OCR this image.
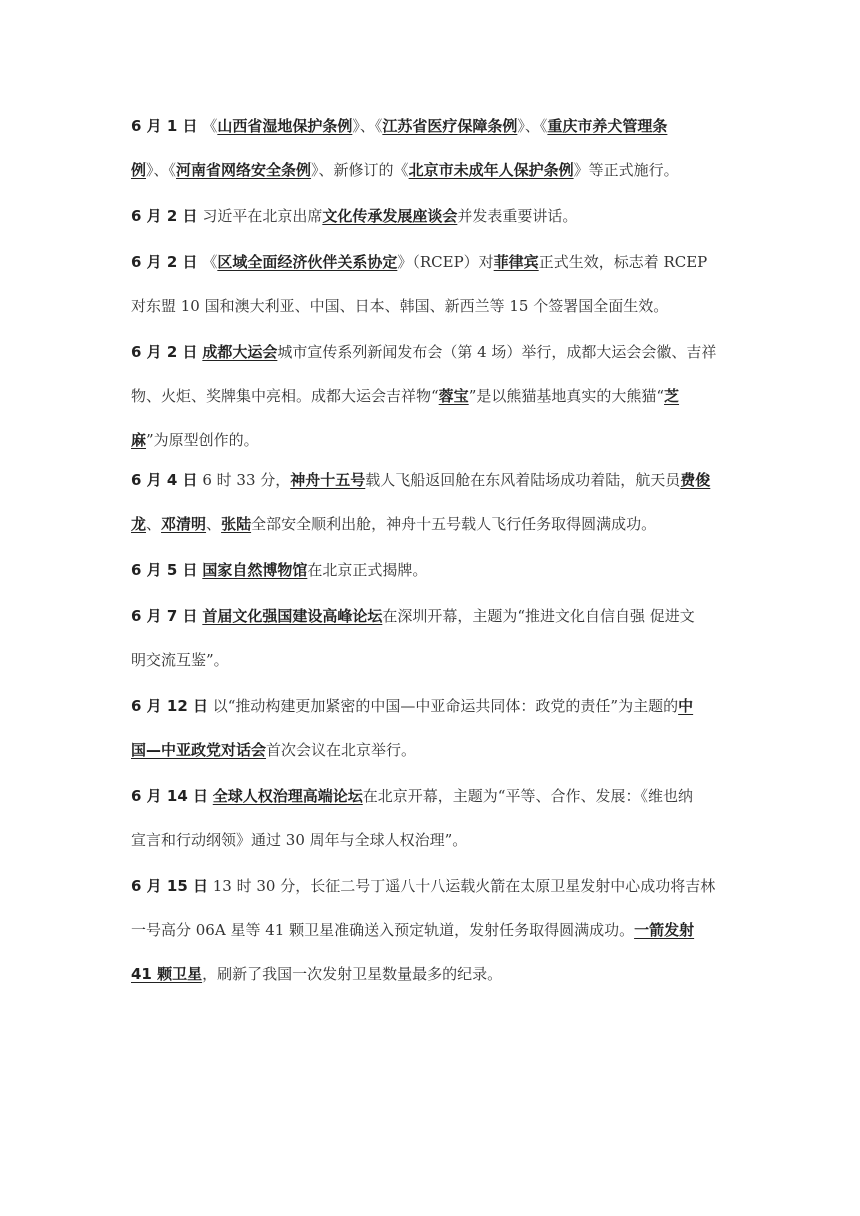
6 月 1 日 《山西省湿地保护条例》、《江苏省医疗保障条例》、《重庆市养犬管理条
例》、《河南省网络安全条例》、新修订的《北京市未成年人保护条例》等正式施行。
6 月 2 日 习近平在北京出席文化传承发展座谈会并发表重要讲话。
6 月 2 日 《区域全面经济伙伴关系协定》（RCEP）对菲律宾正式生效，标志着 RCEP
对东盟 10 国和澳大利亚、中国、日本、韩国、新西兰等 15 个签署国全面生效。
6 月 2 日 成都大运会城市宣传系列新闻发布会（第 4 场）举行，成都大运会会徽、吉祥
物、火炬、奖牌集中亮相。成都大运会吉祥物“蓉宝”是以熊猫基地真实的大熊猫“芝
麻”为原型创作的。
6 月 4 日 6 时 33 分，神舟十五号载人飞船返回舱在东风着陆场成功着陆，航天员费俊
龙、邓清明、张陆全部安全顺利出舱，神舟十五号载人飞行任务取得圆满成功。
6 月 5 日 国家自然博物馆在北京正式揭牌。
6 月 7 日 首届文化强国建设高峰论坛在深圳开幕，主题为“推进文化自信自强 促进文
明交流互鉴”。
6 月 12 日 以“推动构建更加紧密的中国—中亚命运共同体：政党的责任”为主题的中
国—中亚政党对话会首次会议在北京举行。
6 月 14 日 全球人权治理高端论坛在北京开幕，主题为“平等、合作、发展：《维也纳
宣言和行动纲领》通过 30 周年与全球人权治理”。
6 月 15 日 13 时 30 分，长征二号丁遥八十八运载火箭在太原卫星发射中心成功将吉林
一号高分 06A 星等 41 颗卫星准确送入预定轨道，发射任务取得圆满成功。一箭发射
41 颗卫星，刷新了我国一次发射卫星数量最多的纪录。
